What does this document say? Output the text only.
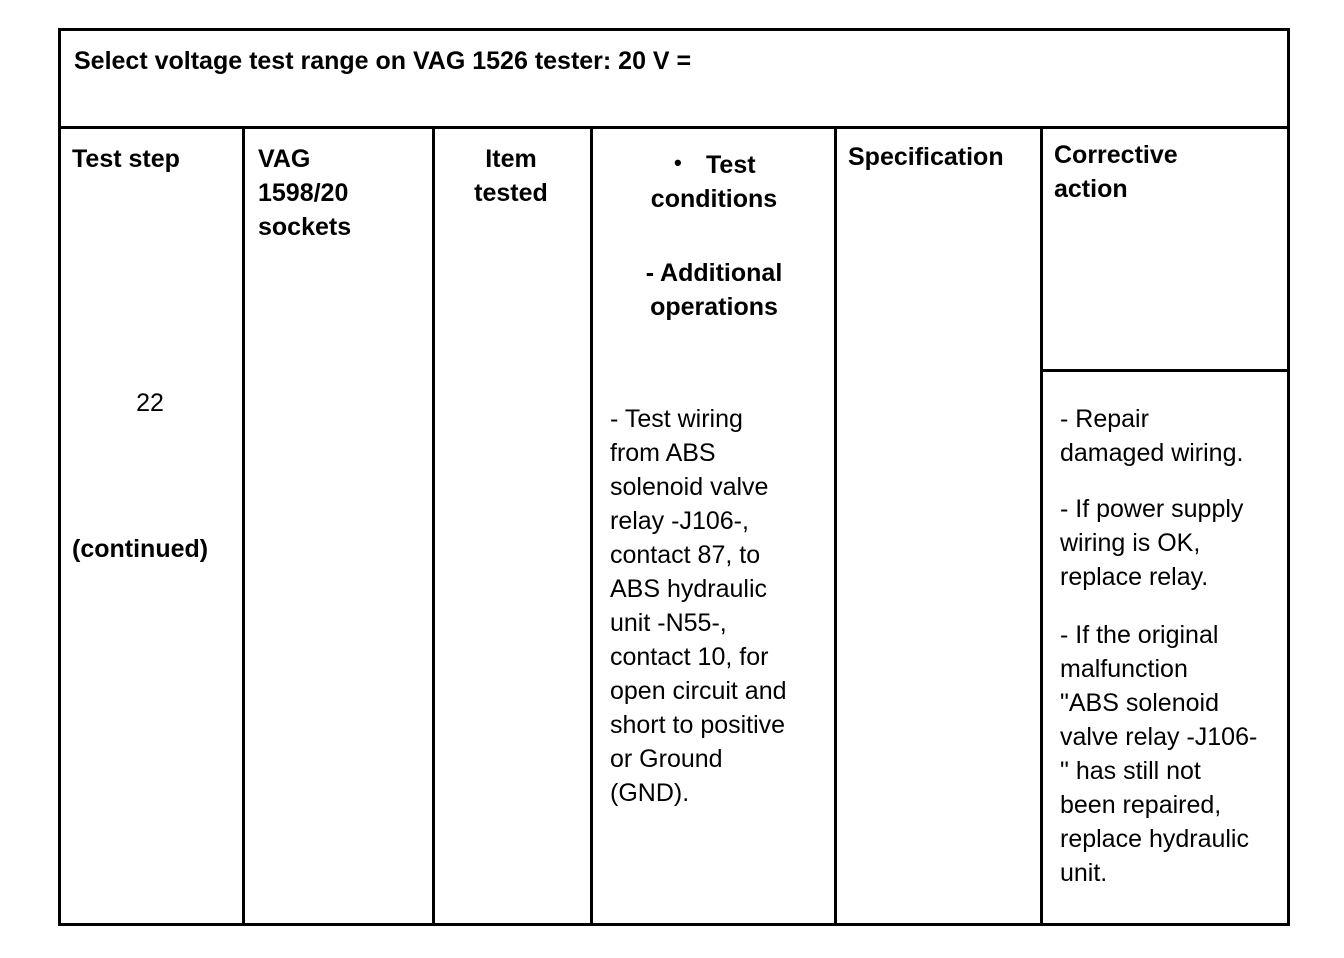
Select voltage test range on VAG 1526 tester: 20 V =
Test step	VAG
1598/20
sockets
Item
tested
• Test
conditions
- Additional
operations
Specification Corrective
action
22
(continued)
- Test wiring
from ABS
solenoid valve
relay -J106-,
contact 87, to
ABS hydraulic
unit -N55-,
contact 10, for
open circuit and
short to positive
or Ground
(GND).
- Repair
damaged wiring.
- If power supply
wiring is OK,
replace relay.
- If the original
malfunction
"ABS solenoid
valve relay -J106-
" has still not
been repaired,
replace hydraulic
unit.
